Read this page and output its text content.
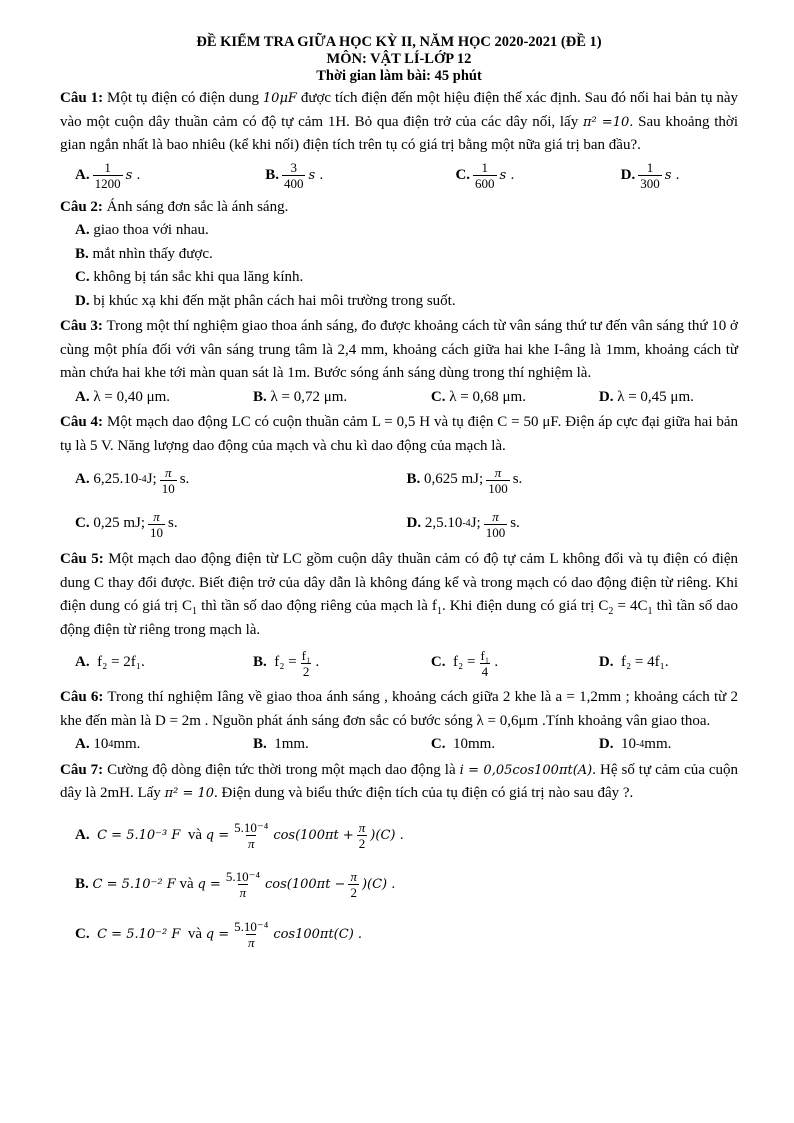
ĐỀ KIỂM TRA GIỮA HỌC KỲ II, NĂM HỌC 2020-2021 (ĐỀ 1)
MÔN: VẬT LÍ-LỚP 12
Thời gian làm bài: 45 phút

Câu 1: Một tụ điện có điện dung 10μF được tích điện đến một hiệu điện thế xác định. Sau đó nối hai bản tụ này vào một cuộn dây thuần cảm có độ tự cảm 1H. Bỏ qua điện trở của các dây nối, lấy π² =10. Sau khoảng thời gian ngắn nhất là bao nhiêu (kể khi nối) điện tích trên tụ có giá trị bằng một nữa giá trị ban đầu?.

A. $\frac{1}{1200}$ s .	B. $\frac{3}{400}$ s .	C. $\frac{1}{600}$ s .	D. $\frac{1}{300}$ s .

Câu 2: Ánh sáng đơn sắc là ánh sáng.

A. giao thoa với nhau.
B. mắt nhìn thấy được.
C. không bị tán sắc khi qua lăng kính.
D. bị khúc xạ khi đến mặt phân cách hai môi trường trong suốt.

Câu 3: Trong một thí nghiệm giao thoa ánh sáng, đo được khoảng cách từ vân sáng thứ tư đến vân sáng thứ 10 ở cùng một phía đối với vân sáng trung tâm là 2,4 mm, khoảng cách giữa hai khe I-âng là 1mm, khoảng cách từ màn chứa hai khe tới màn quan sát là 1m. Bước sóng ánh sáng dùng trong thí nghiệm là.

A.
λ = 0,40 μm.	B.
λ = 0,72 μm.	C.
λ = 0,68 μm.	D.
λ = 0,45 μm.

Câu 4: Một mạch dao động LC có cuộn thuần cảm L = 0,5 H và tụ điện C = 50 μF. Điện áp cực đại giữa hai bản tụ là 5 V. Năng lượng dao động của mạch và chu kì dao động của mạch là.

A.
6,25.10 -4 J; $\frac{\pi}{10} s$.	B.
0,625 mJ; $\frac{\pi}{100} s$.
C.
0,25 mJ; $\frac{\pi}{10} s$.	D.
2,5.10 -4 J; $\frac{\pi}{100} s$.

Câu 5: Một mạch dao động điện từ LC gồm cuộn dây thuần cảm có độ tự cảm L không đổi và tụ điện có điện dung C thay đổi được. Biết điện trở của dây dẫn là không đáng kể và trong mạch có dao động điện từ riêng. Khi điện dung có giá trị $C_1$ thì tần số dao động riêng của mạch là $f_1$. Khi điện dung có giá trị $C_2 = 4C_1$ thì tần số dao động điện từ riêng trong mạch là.

A.
f₂ = 2f₁.	B.
$f_2 = \frac{\text{f₁}}{2}$ .	C.
$f_2 = \frac{\text{f₁}}{4}$ .	D.
f₂ = 4f₁.

Câu 6: Trong thí nghiệm Iâng về giao thoa ánh sáng , khoảng cách giữa 2 khe là a = 1,2mm ; khoảng cách từ 2 khe đến màn là D = 2m . Nguồn phát ánh sáng đơn sắc có bước sóng λ = 0,6μm .Tính khoảng vân giao thoa.

A.
10 4 mm.	B.
1mm.	C.
10mm.	D.
10 -4 mm.

Câu 7: Cường độ dòng điện tức thời trong một mạch dao động là i = 0,05cos100πt(A). Hệ số tự cảm của cuộn dây là 2mH. Lấy π² = 10. Điện dung và biểu thức điện tích của tụ điện có giá trị nào sau đây ?.

A.
C = 5.10⁻³ F
và
$q = \frac{\text{5.10⁻⁴}}{\pi} \cos(100\pi t + \frac{\pi}{2} )(C)$ .
B.
C = 5.10⁻² F
và
$q = \frac{\text{5.10⁻⁴}}{\pi} \cos(100\pi t - \frac{\pi}{2} )(C)$ .
C.
C = 5.10⁻² F
và
$q = \frac{\text{5.10⁻⁴}}{\pi} \cos 100\pi t(C)$ .
